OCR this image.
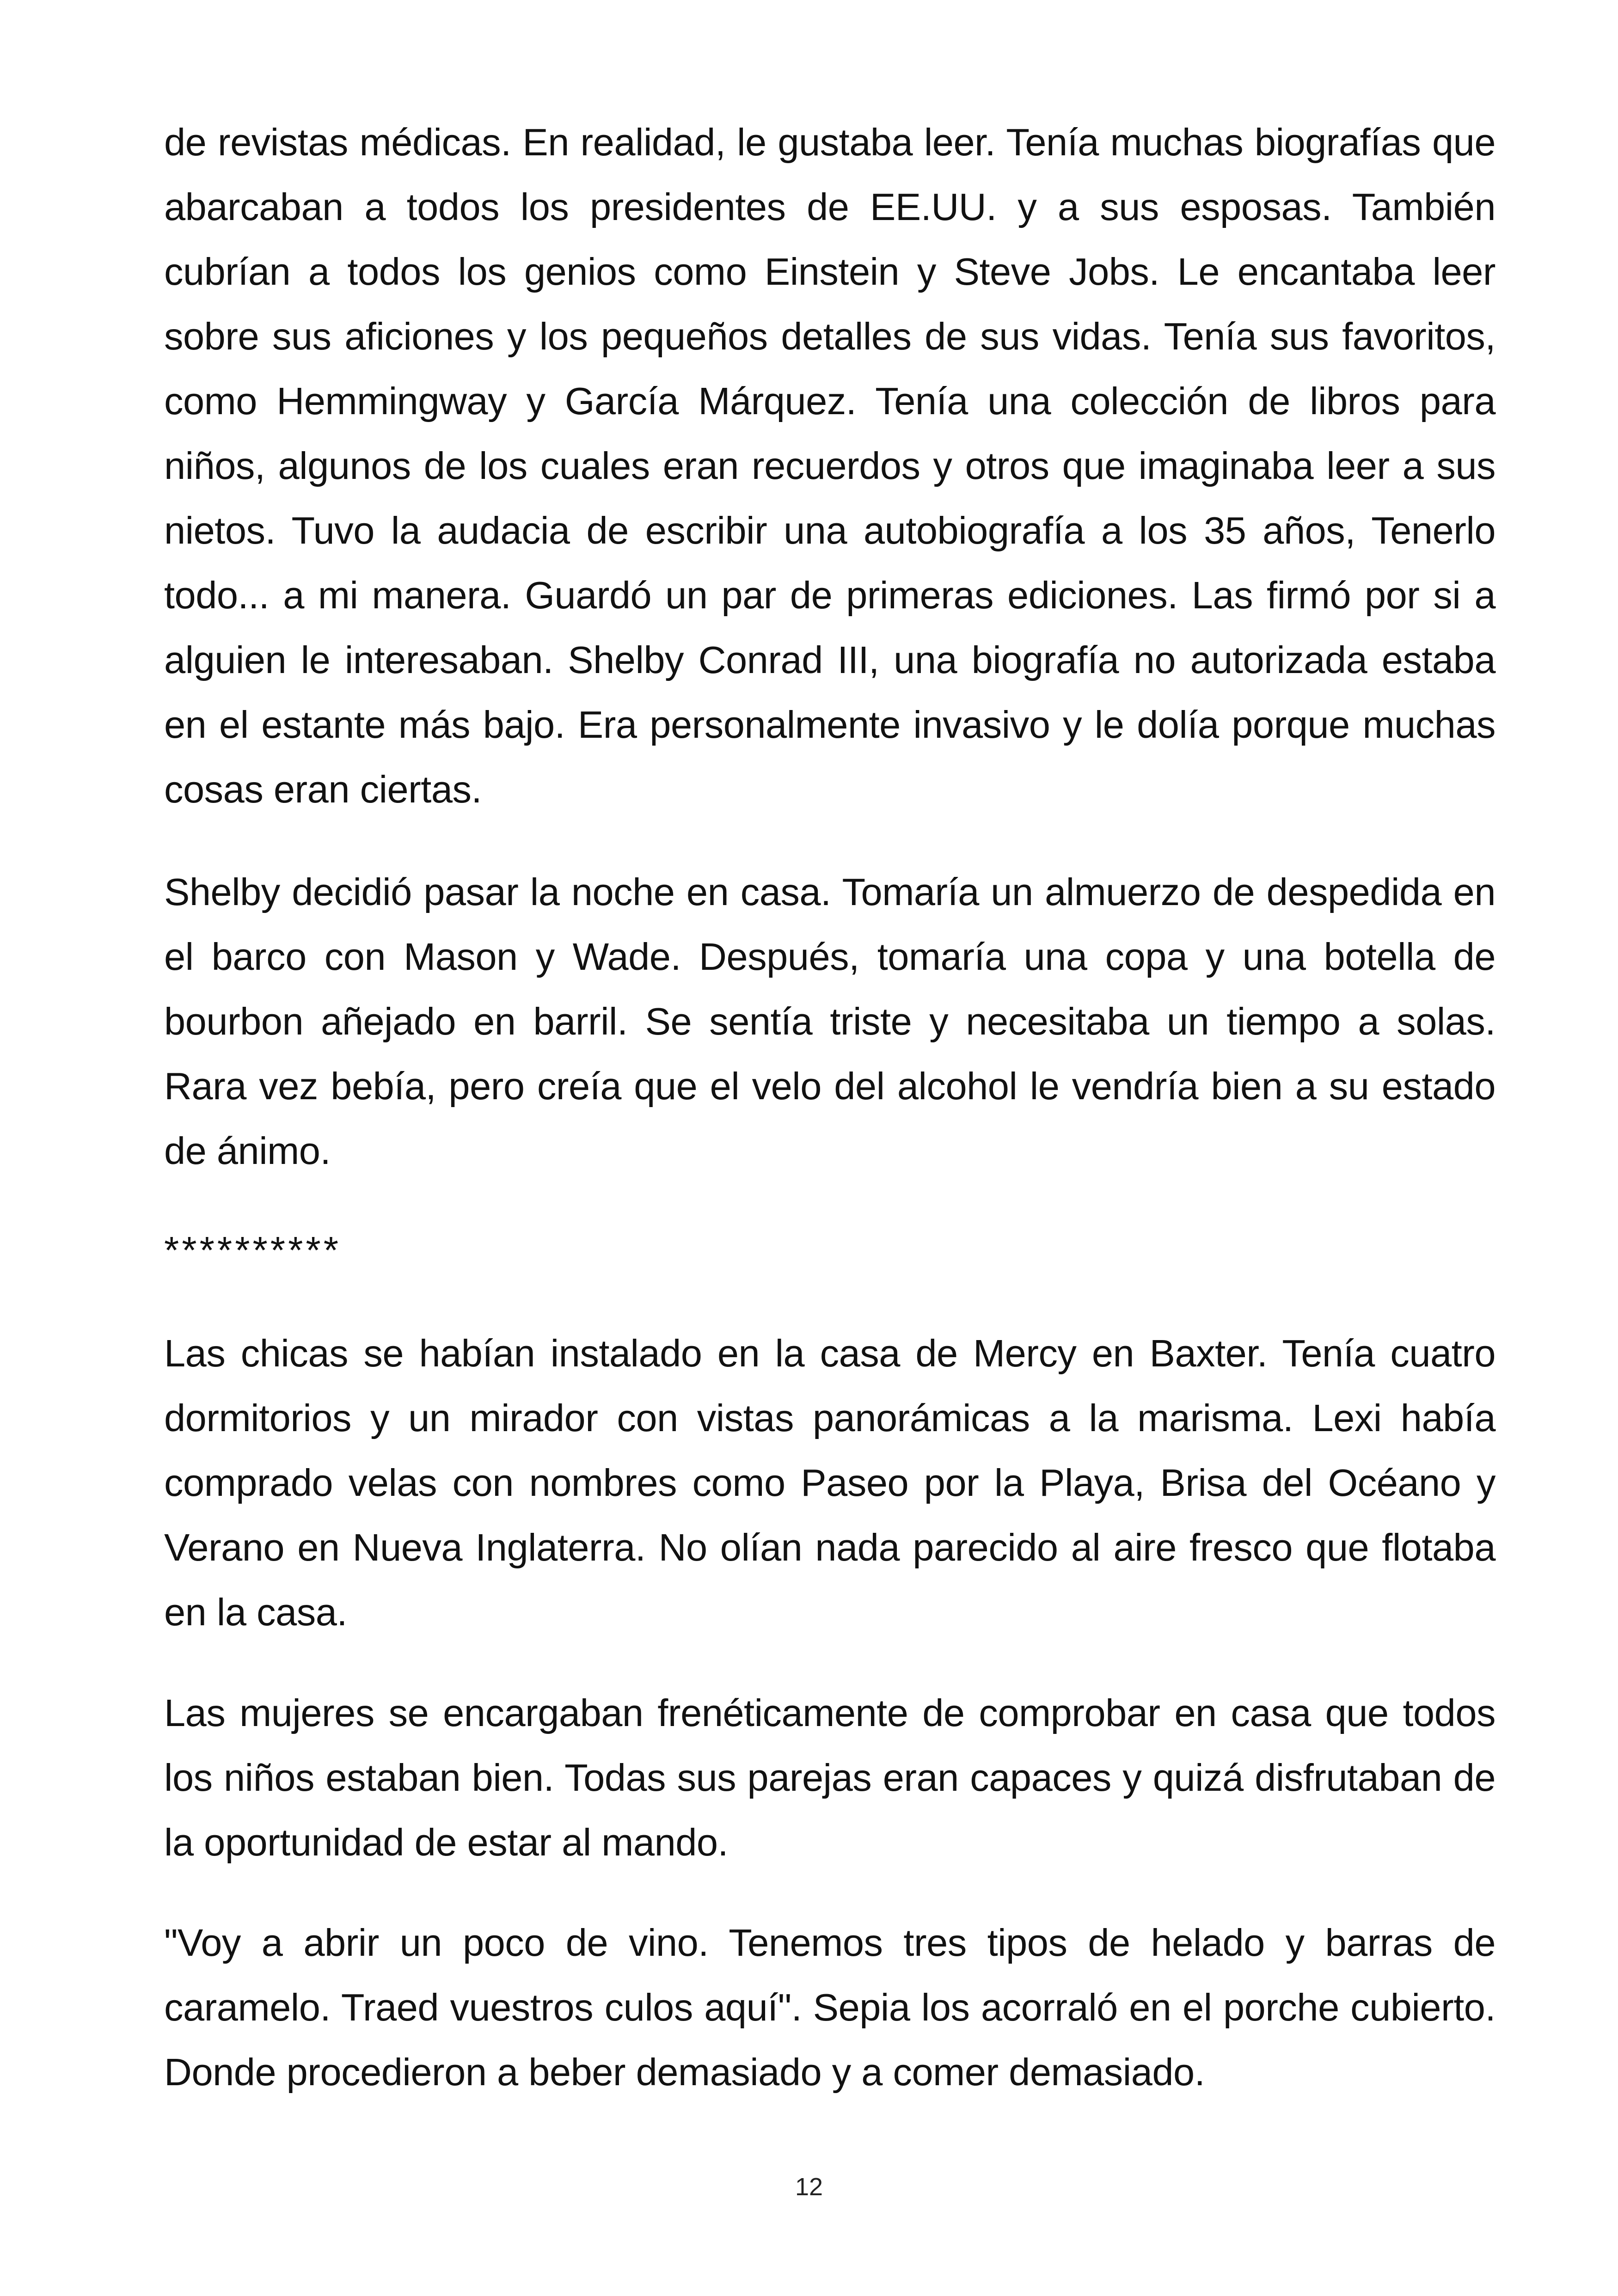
de revistas médicas. En realidad, le gustaba leer. Tenía muchas biografías que abarcaban a todos los presidentes de EE.UU. y a sus esposas. También cubrían a todos los genios como Einstein y Steve Jobs. Le encantaba leer sobre sus aficiones y los pequeños detalles de sus vidas. Tenía sus favoritos, como Hemmingway y García Márquez. Tenía una colección de libros para niños, algunos de los cuales eran recuerdos y otros que imaginaba leer a sus nietos. Tuvo la audacia de escribir una autobiografía a los 35 años, Tenerlo todo... a mi manera. Guardó un par de primeras ediciones. Las firmó por si a alguien le interesaban. Shelby Conrad III, una biografía no autorizada estaba en el estante más bajo. Era personalmente invasivo y le dolía porque muchas cosas eran ciertas.

Shelby decidió pasar la noche en casa. Tomaría un almuerzo de despedida en el barco con Mason y Wade. Después, tomaría una copa y una botella de bourbon añejado en barril. Se sentía triste y necesitaba un tiempo a solas. Rara vez bebía, pero creía que el velo del alcohol le vendría bien a su estado de ánimo.

**********

Las chicas se habían instalado en la casa de Mercy en Baxter. Tenía cuatro dormitorios y un mirador con vistas panorámicas a la marisma. Lexi había comprado velas con nombres como Paseo por la Playa, Brisa del Océano y Verano en Nueva Inglaterra. No olían nada parecido al aire fresco que flotaba en la casa.

Las mujeres se encargaban frenéticamente de comprobar en casa que todos los niños estaban bien. Todas sus parejas eran capaces y quizá disfrutaban de la oportunidad de estar al mando.

"Voy a abrir un poco de vino. Tenemos tres tipos de helado y barras de caramelo. Traed vuestros culos aquí". Sepia los acorraló en el porche cubierto. Donde procedieron a beber demasiado y a comer demasiado.

12
